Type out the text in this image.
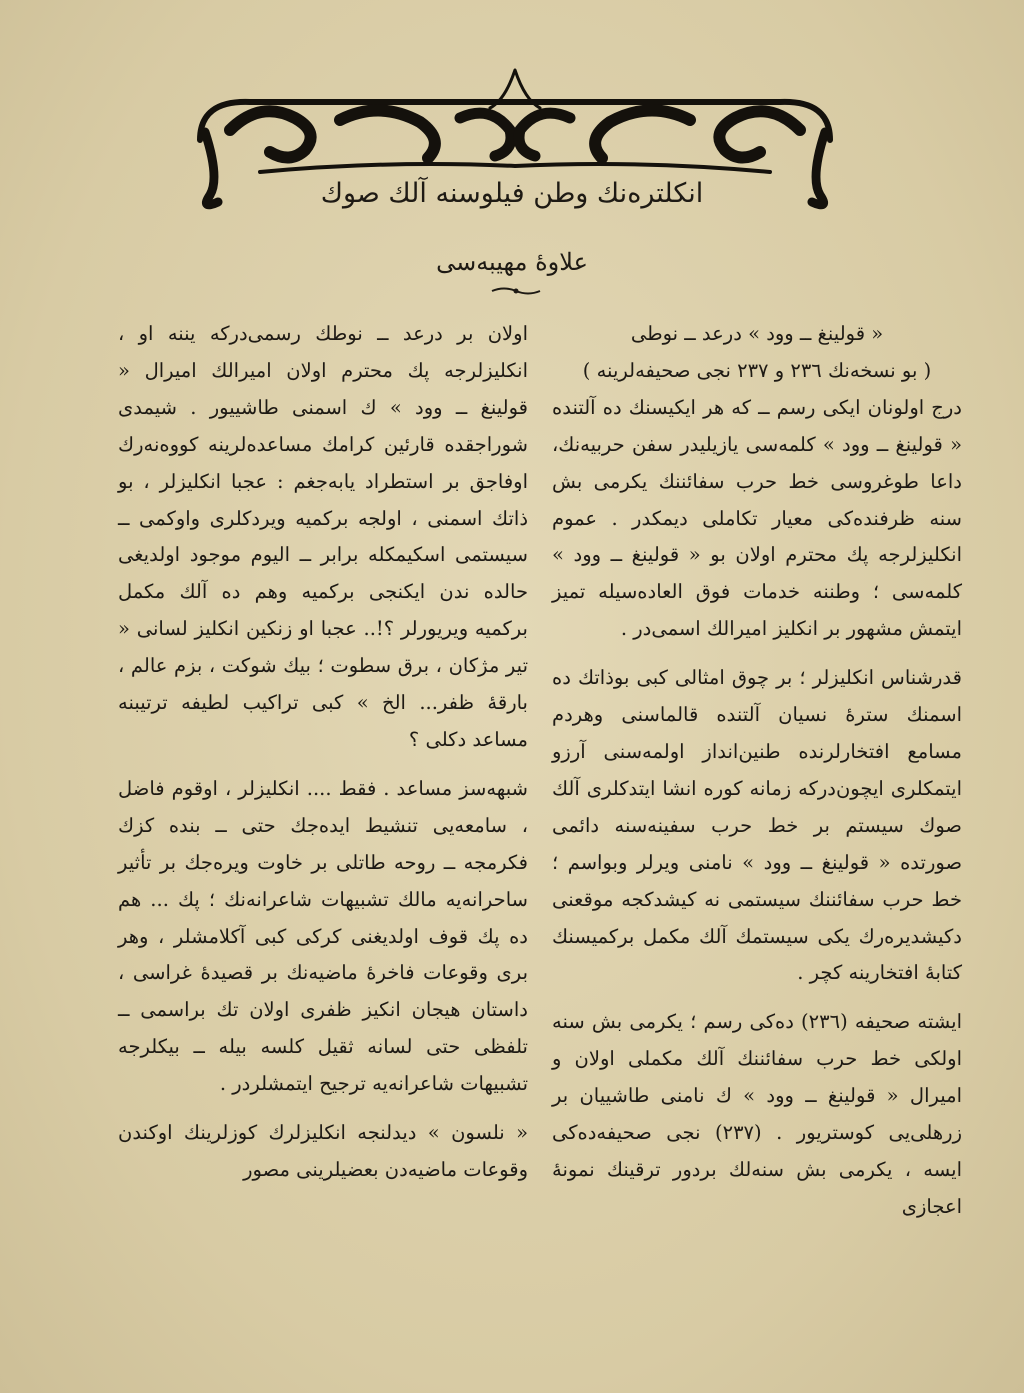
انكلتره‌نك وطن فيلوسنه آلك صوك
علاوهٔ مهيبه‌سى

« قولينغ ــ وود » درعد ــ نوطى

( بو نسخه‌نك ٢٣٦ و ٢٣٧ نجى صحيفه‌لرينه )

درج اولونان ايكى رسم ــ كه هر ايكيسنك ده آلتنده « قولينغ ــ وود » كلمه‌سى يازيليدر سفن حربيه‌نك، داعا طوغروسى خط حرب سفائننك يكرمى بش سنه ظرفنده‌كى معيار تكاملى ديمكدر . عموم انكليزلرجه پك محترم اولان بو « قولينغ ــ وود » كلمه‌سى ؛ وطننه خدمات فوق العاده‌سيله تميز ايتمش مشهور بر انكليز اميرالك اسمى‌در .

قدرشناس انكليزلر ؛ بر چوق امثالى كبى بوذاتك ده اسمنك سترهٔ نسيان آلتنده قالماسنى وهردم مسامع افتخارلرنده طنين‌انداز اولمه‌سنى آرزو ايتمكلرى ايچون‌دركه زمانه كوره انشا ايتدكلرى آلك صوك سيستم بر خط حرب سفينه‌سنه دائمى صورتده « قولينغ ــ وود » نامنى ويرلر وبواسم ؛ خط حرب سفائننك سيستمى نه كيشدكجه موقعنى دكيشديره‌رك يكى سيستمك آلك مكمل بركميسنك كتابهٔ افتخارينه كچر .

ايشته صحيفه (٢٣٦) ده‌كى رسم ؛ يكرمى بش سنه اولكى خط حرب سفائننك آلك مكملى اولان و اميرال « قولينغ ــ وود » ك نامنى طاشييان بر زرهلى‌يى كوستريور . (٢٣٧) نجى صحيفه‌ده‌كى ايسه ، يكرمى بش سنه‌لك بردور ترقينك نمونهٔ اعجازى

اولان بر درعد ــ نوطك رسمى‌دركه يننه او ، انكليزلرجه پك محترم اولان اميرالك اميرال « قولينغ ــ وود » ك اسمنى طاشييور . شيمدى شوراجقده قارئين كرامك مساعده‌لرينه كووه‌نه‌رك اوفاجق بر استطراد يابه‌جغم : عجبا انكليزلر ، بو ذاتك اسمنى ، اولجه بركميه ويردكلرى واوكمى ــ سيستمى اسكيمكله برابر ــ اليوم موجود اولديغى حالده ندن ايكنجى بركميه وهم ده آلك مكمل بركميه ويريورلر ؟!.. عجبا او زنكين انكليز لسانى « تير مژكان ، برق سطوت ؛ بيك شوكت ، بزم عالم ، بارقهٔ ظفر... الخ » كبى تراكيب لطيفه ترتيبنه مساعد دكلى ؟

شبهه‌سز مساعد . فقط .... انكليزلر ، اوقوم فاضل ، سامعه‌يى تنشيط ايده‌جك حتى ــ بنده كزك فكرمجه ــ روحه طاتلى بر خاوت ويره‌جك بر تأثير ساحرانه‌يه مالك تشبيهات شاعرانه‌نك ؛ پك ... هم ده پك قوف اولديغنى كركى كبى آكلامشلر ، وهر برى وقوعات فاخرهٔ ماضيه‌نك بر قصيدهٔ غراسى ، داستان هيجان انكيز ظفرى اولان تك براسمى ــ تلفظى حتى لسانه ثقيل كلسه بيله ــ بيكلرجه تشبيهات شاعرانه‌يه ترجيح ايتمشلردر .

« نلسون » ديدلنجه انكليزلرك كوزلرينك اوكندن وقوعات ماضيه‌دن بعضيلرينى مصور
